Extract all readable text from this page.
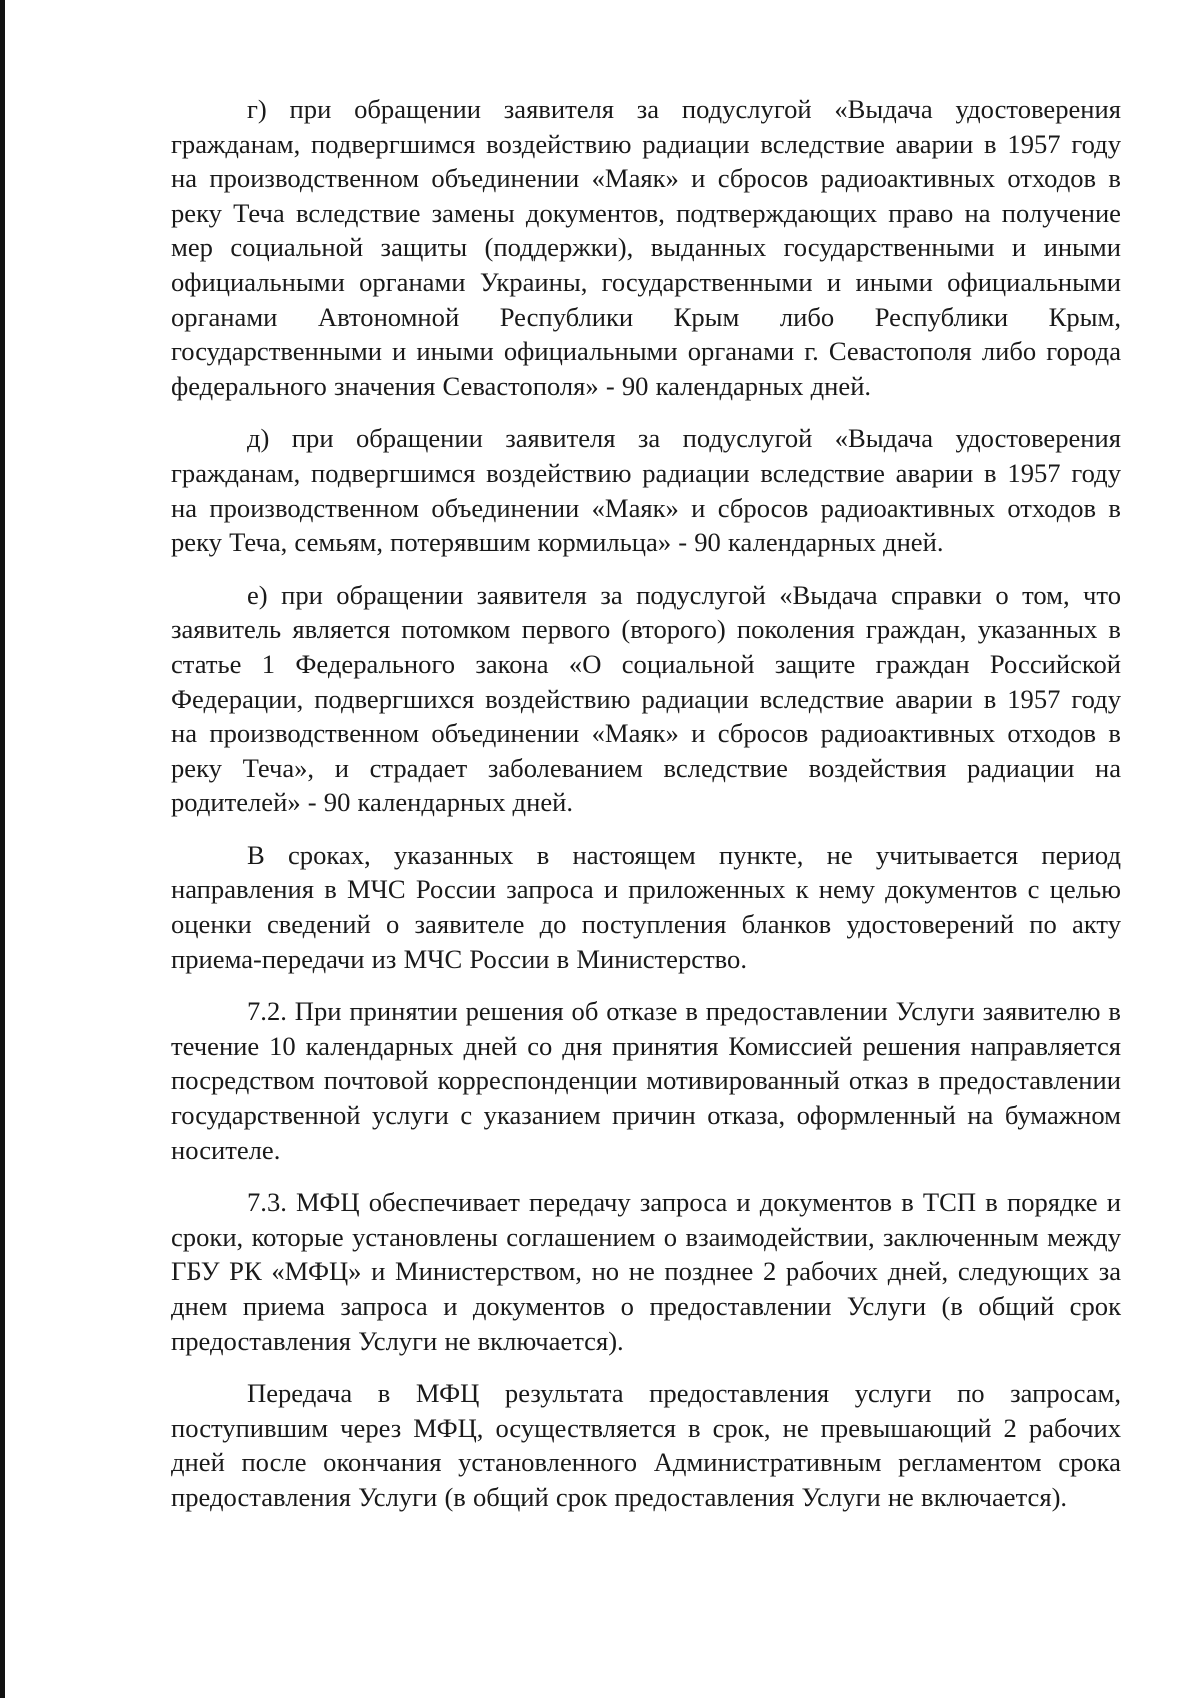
г) при обращении заявителя за подуслугой «Выдача удостоверения гражданам, подвергшимся воздействию радиации вследствие аварии в 1957 году на производственном объединении «Маяк» и сбросов радиоактивных отходов в реку Теча вследствие замены документов, подтверждающих право на получение мер социальной защиты (поддержки), выданных государственными и иными официальными органами Украины, государственными и иными официальными органами Автономной Республики Крым либо Республики Крым, государственными и иными официальными органами г. Севастополя либо города федерального значения Севастополя» - 90 календарных дней.

д) при обращении заявителя за подуслугой «Выдача удостоверения гражданам, подвергшимся воздействию радиации вследствие аварии в 1957 году на производственном объединении «Маяк» и сбросов радиоактивных отходов в реку Теча, семьям, потерявшим кормильца» - 90 календарных дней.

е) при обращении заявителя за подуслугой «Выдача справки о том, что заявитель является потомком первого (второго) поколения граждан, указанных в статье 1 Федерального закона «О социальной защите граждан Российской Федерации, подвергшихся воздействию радиации вследствие аварии в 1957 году на производственном объединении «Маяк» и сбросов радиоактивных отходов в реку Теча», и страдает заболеванием вследствие воздействия радиации на родителей» - 90 календарных дней.

В сроках, указанных в настоящем пункте, не учитывается период направления в МЧС России запроса и приложенных к нему документов с целью оценки сведений о заявителе до поступления бланков удостоверений по акту приема-передачи из МЧС России в Министерство.

7.2. При принятии решения об отказе в предоставлении Услуги заявителю в течение 10 календарных дней со дня принятия Комиссией решения направляется посредством почтовой корреспонденции мотивированный отказ в предоставлении государственной услуги с указанием причин отказа, оформленный на бумажном носителе.

7.3. МФЦ обеспечивает передачу запроса и документов в ТСП в порядке и сроки, которые установлены соглашением о взаимодействии, заключенным между ГБУ РК «МФЦ» и Министерством, но не позднее 2 рабочих дней, следующих за днем приема запроса и документов о предоставлении Услуги (в общий срок предоставления Услуги не включается).

Передача в МФЦ результата предоставления услуги по запросам, поступившим через МФЦ, осуществляется в срок, не превышающий 2 рабочих дней после окончания установленного Административным регламентом срока предоставления Услуги (в общий срок предоставления Услуги не включается).
